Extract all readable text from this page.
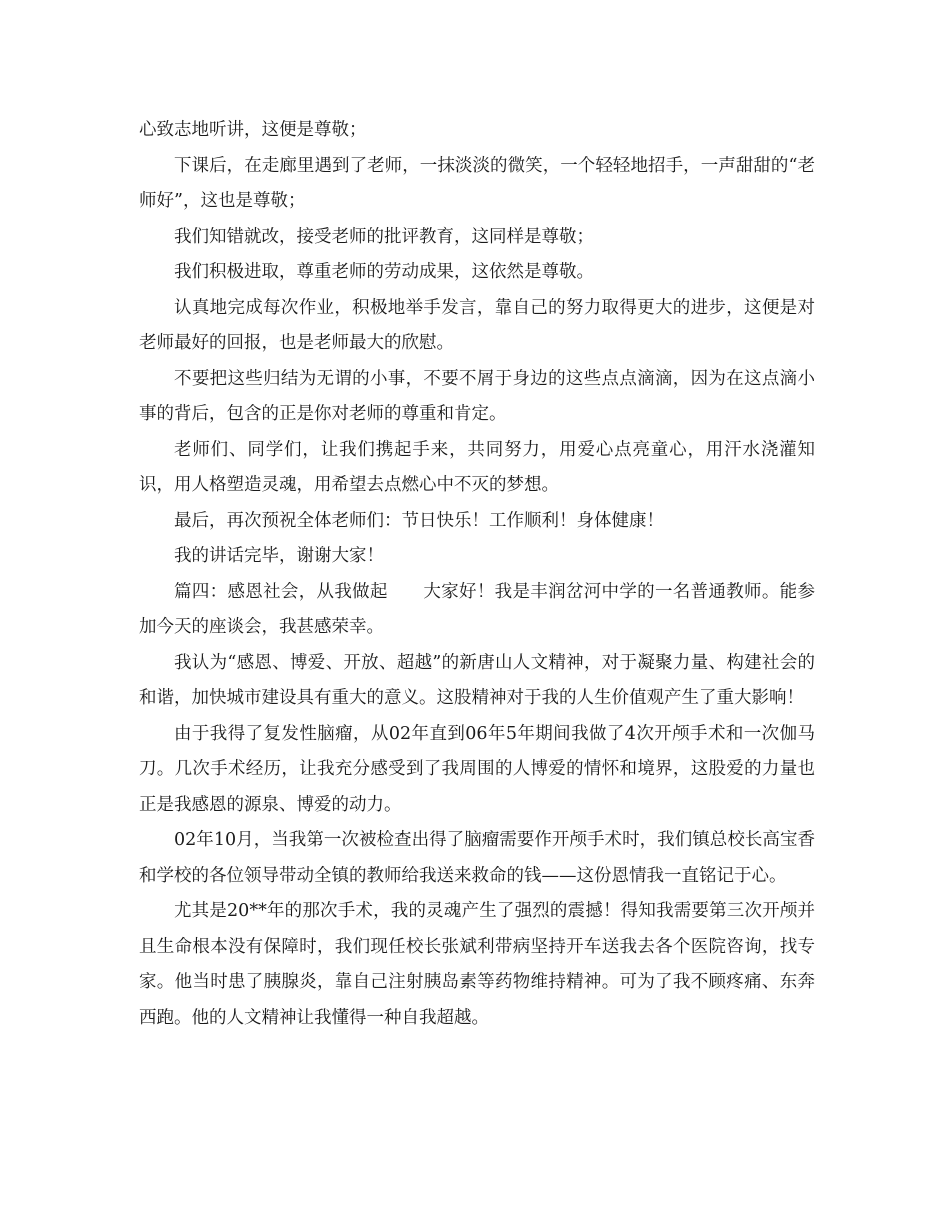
心致志地听讲，这便是尊敬；

下课后，在走廊里遇到了老师，一抹淡淡的微笑，一个轻轻地招手，一声甜甜的“老师好”，这也是尊敬；

我们知错就改，接受老师的批评教育，这同样是尊敬；

我们积极进取，尊重老师的劳动成果，这依然是尊敬。

认真地完成每次作业，积极地举手发言，靠自己的努力取得更大的进步，这便是对老师最好的回报，也是老师最大的欣慰。

不要把这些归结为无谓的小事，不要不屑于身边的这些点点滴滴，因为在这点滴小事的背后，包含的正是你对老师的尊重和肯定。

老师们、同学们，让我们携起手来，共同努力，用爱心点亮童心，用汗水浇灌知识，用人格塑造灵魂，用希望去点燃心中不灭的梦想。

最后，再次预祝全体老师们：节日快乐！工作顺利！身体健康！

我的讲话完毕，谢谢大家！

篇四：感恩社会，从我做起　　大家好！我是丰润岔河中学的一名普通教师。能参加今天的座谈会，我甚感荣幸。

我认为“感恩、博爱、开放、超越”的新唐山人文精神，对于凝聚力量、构建社会的和谐，加快城市建设具有重大的意义。这股精神对于我的人生价值观产生了重大影响！

由于我得了复发性脑瘤，从02年直到06年5年期间我做了4次开颅手术和一次伽马刀。几次手术经历，让我充分感受到了我周围的人博爱的情怀和境界，这股爱的力量也正是我感恩的源泉、博爱的动力。

02年10月，当我第一次被检查出得了脑瘤需要作开颅手术时，我们镇总校长高宝香和学校的各位领导带动全镇的教师给我送来救命的钱——这份恩情我一直铭记于心。

尤其是20**年的那次手术，我的灵魂产生了强烈的震撼！得知我需要第三次开颅并且生命根本没有保障时，我们现任校长张斌利带病坚持开车送我去各个医院咨询，找专家。他当时患了胰腺炎，靠自己注射胰岛素等药物维持精神。可为了我不顾疼痛、东奔西跑。他的人文精神让我懂得一种自我超越。
